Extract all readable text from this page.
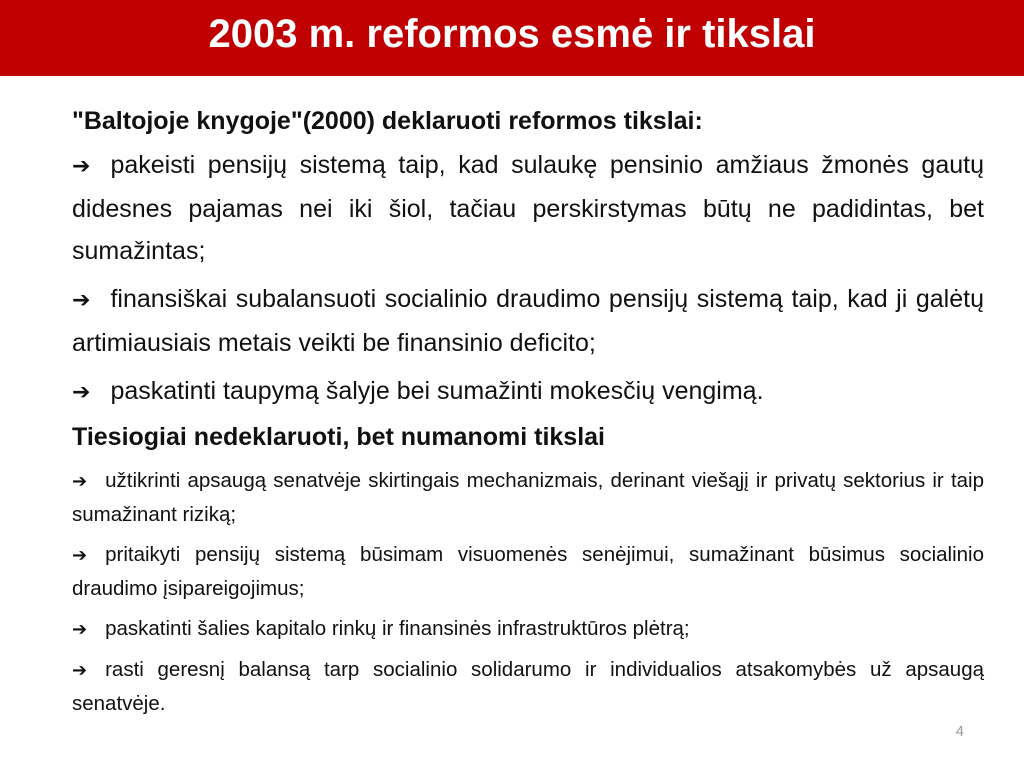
2003 m. reformos esmė ir tikslai
"Baltojoje knygoje"(2000) deklaruoti reformos tikslai:
➔ pakeisti pensijų sistemą taip, kad sulaukę pensinio amžiaus žmonės gautų didesnes pajamas nei iki šiol, tačiau perskirstymas būtų ne padidintas, bet sumažintas;
➔ finansiškai subalansuoti socialinio draudimo pensijų sistemą taip, kad ji galėtų artimiausiais metais veikti be finansinio deficito;
➔ paskatinti taupymą šalyje bei sumažinti mokesčių vengimą.
Tiesiogiai nedeklaruoti, bet numanomi tikslai
➔ užtikrinti apsaugą senatvėje skirtingais mechanizmais, derinant viešąjį ir privatų sektorius ir taip sumažinant riziką;
➔ pritaikyti pensijų sistemą būsimam visuomenės senėjimui, sumažinant būsimus socialinio draudimo įsipareigojimus;
➔ paskatinti šalies kapitalo rinkų ir finansinės infrastruktūros plėtrą;
➔ rasti geresnį balansą tarp socialinio solidarumo ir individualios atsakomybės už apsaugą senatvėje.
4
